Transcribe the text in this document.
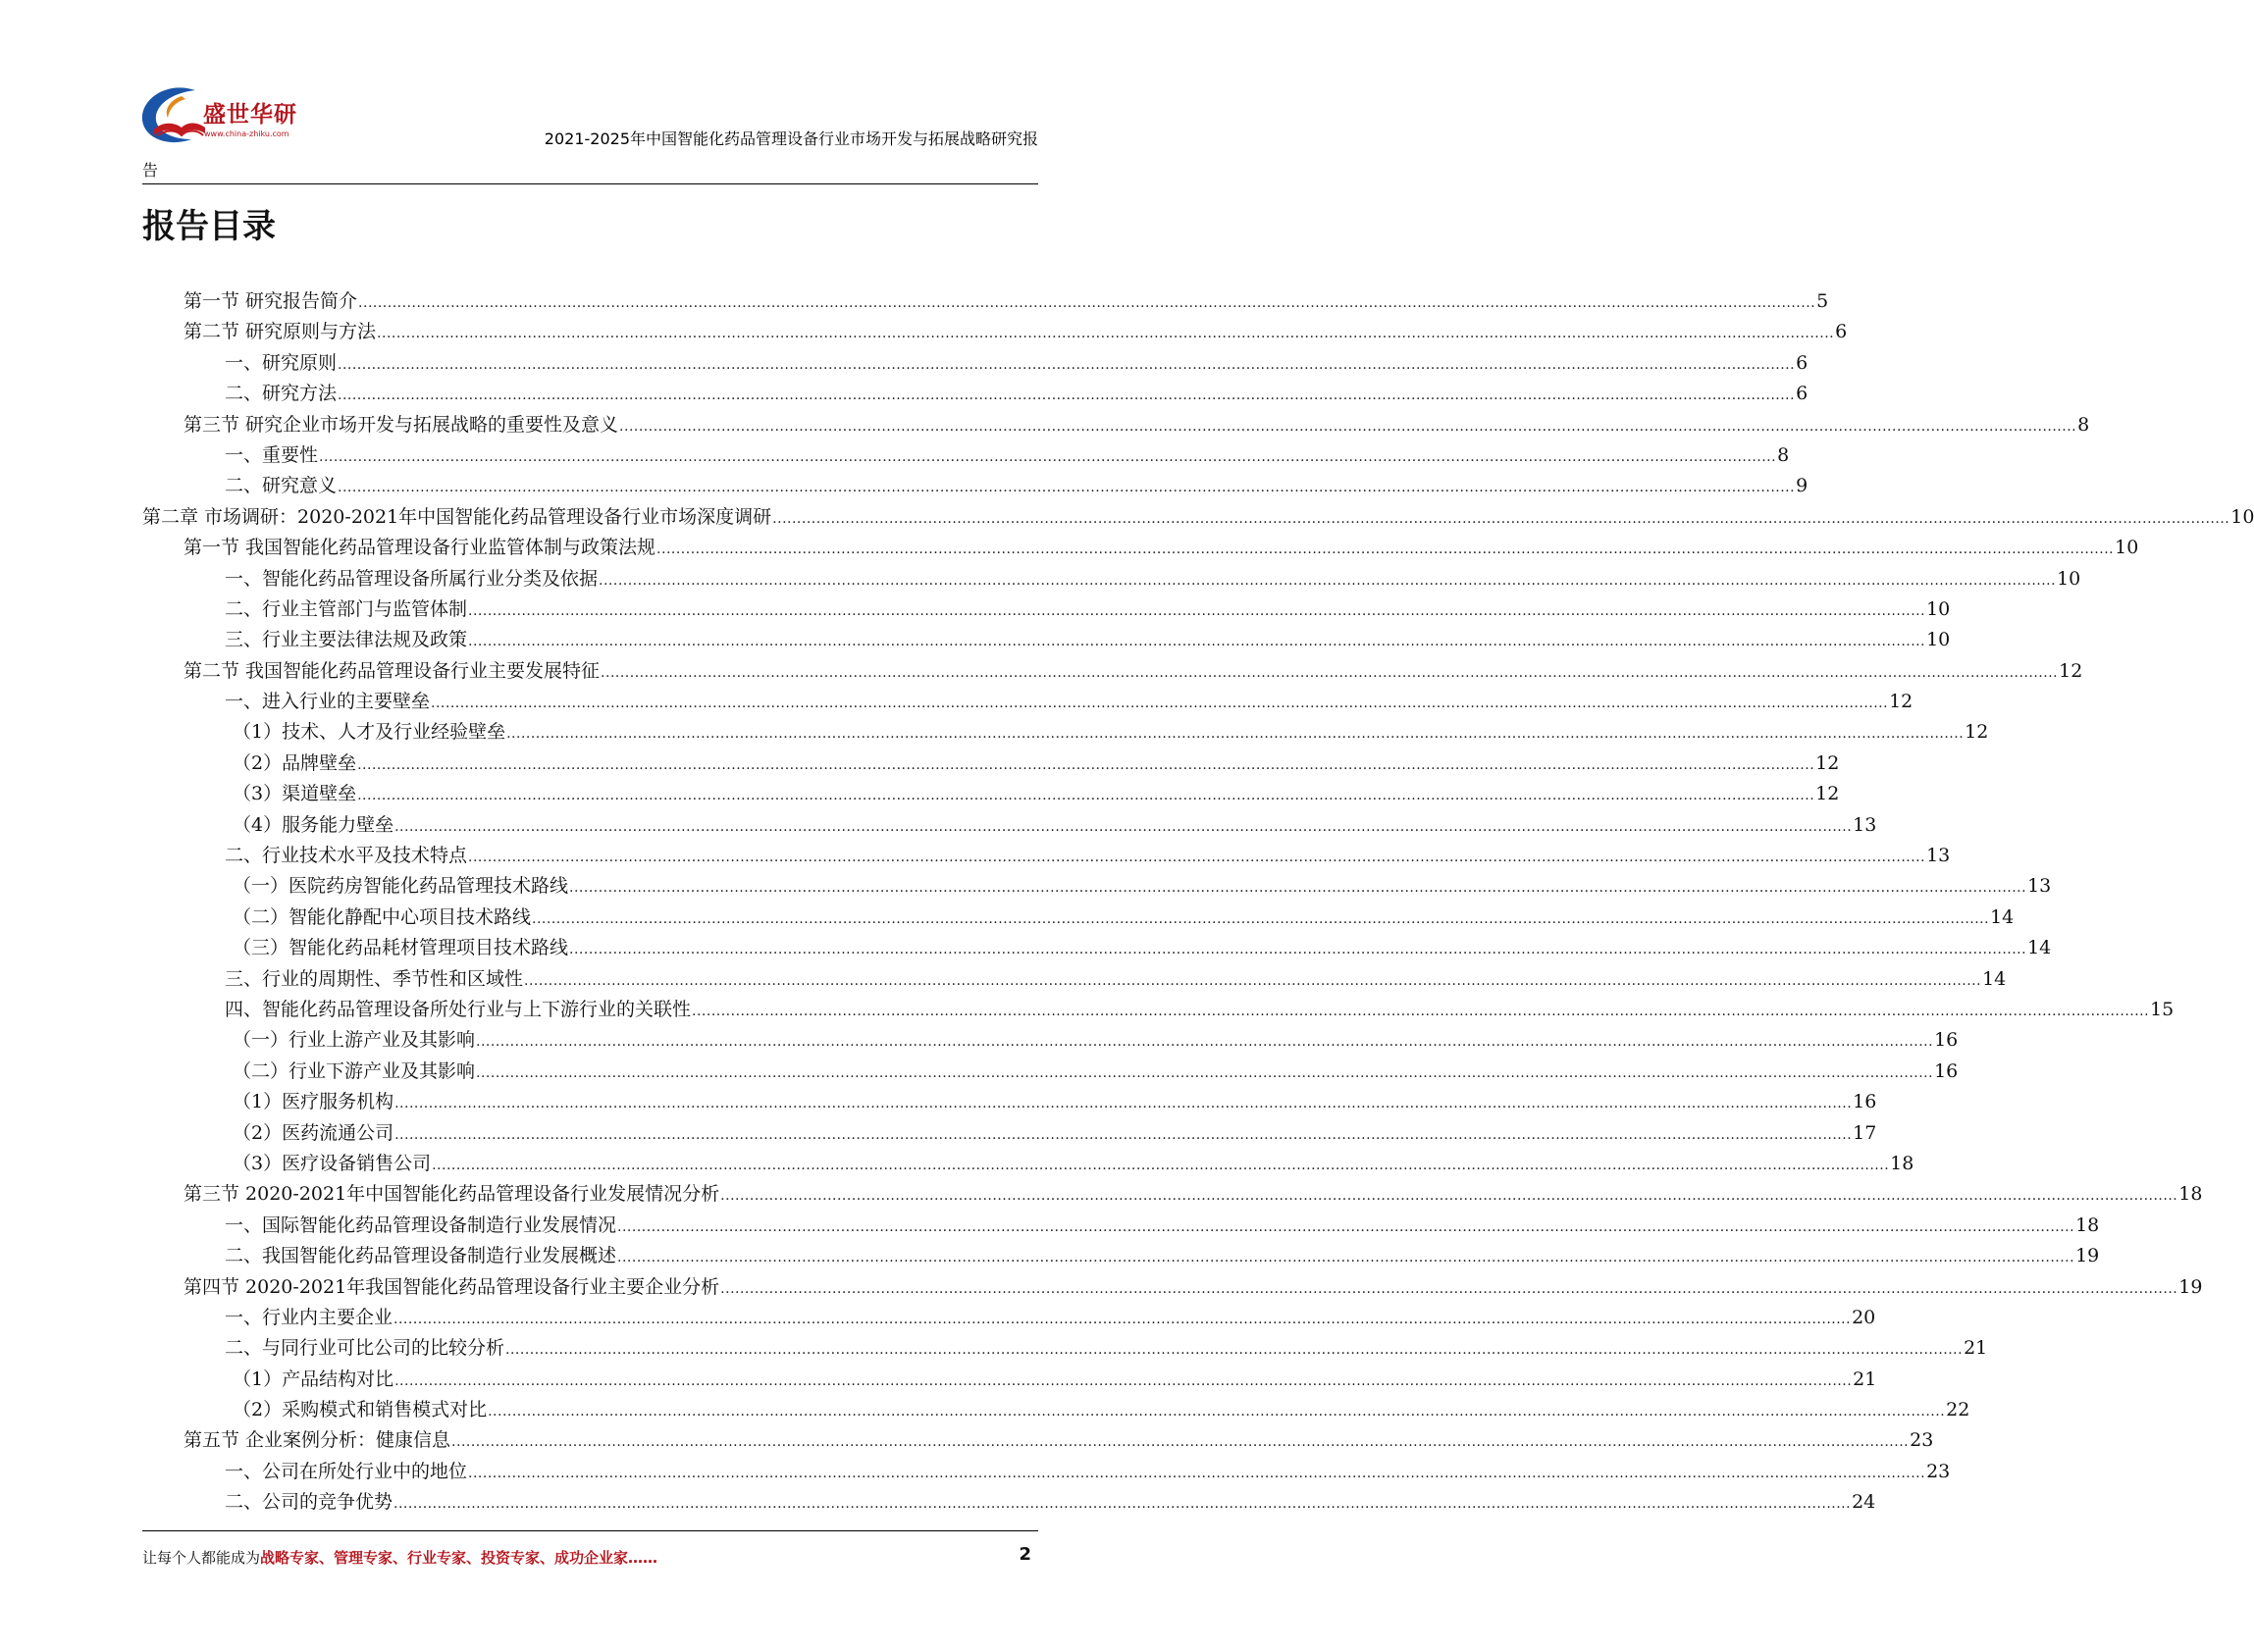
盛世华研
www.china-zhiku.com	2021-2025年中国智能化药品管理设备行业市场开发与拓展战略研究报
告
报告目录
第一节 研究报告简介 ............................................................................................................................................................................................................................................................................................................ 5
第二节 研究原则与方法 ............................................................................................................................................................................................................................................................................................................ 6
一、研究原则 ............................................................................................................................................................................................................................................................................................................ 6
二、研究方法 ............................................................................................................................................................................................................................................................................................................ 6
第三节 研究企业市场开发与拓展战略的重要性及意义 ............................................................................................................................................................................................................................................................................................................ 8
一、重要性 ............................................................................................................................................................................................................................................................................................................ 8
二、研究意义 ............................................................................................................................................................................................................................................................................................................ 9
第二章 市场调研：2020-2021年中国智能化药品管理设备行业市场深度调研 ............................................................................................................................................................................................................................................................................................................ 10
第一节 我国智能化药品管理设备行业监管体制与政策法规 ............................................................................................................................................................................................................................................................................................................ 10
一、智能化药品管理设备所属行业分类及依据 ............................................................................................................................................................................................................................................................................................................ 10
二、行业主管部门与监管体制 ............................................................................................................................................................................................................................................................................................................ 10
三、行业主要法律法规及政策 ............................................................................................................................................................................................................................................................................................................ 10
第二节 我国智能化药品管理设备行业主要发展特征 ............................................................................................................................................................................................................................................................................................................ 12
一、进入行业的主要壁垒 ............................................................................................................................................................................................................................................................................................................ 12
（1）技术、人才及行业经验壁垒 ............................................................................................................................................................................................................................................................................................................ 12
（2）品牌壁垒 ............................................................................................................................................................................................................................................................................................................ 12
（3）渠道壁垒 ............................................................................................................................................................................................................................................................................................................ 12
（4）服务能力壁垒 ............................................................................................................................................................................................................................................................................................................ 13
二、行业技术水平及技术特点 ............................................................................................................................................................................................................................................................................................................ 13
（一）医院药房智能化药品管理技术路线 ............................................................................................................................................................................................................................................................................................................ 13
（二）智能化静配中心项目技术路线 ............................................................................................................................................................................................................................................................................................................ 14
（三）智能化药品耗材管理项目技术路线 ............................................................................................................................................................................................................................................................................................................ 14
三、行业的周期性、季节性和区域性 ............................................................................................................................................................................................................................................................................................................ 14
四、智能化药品管理设备所处行业与上下游行业的关联性 ............................................................................................................................................................................................................................................................................................................ 15
（一）行业上游产业及其影响 ............................................................................................................................................................................................................................................................................................................ 16
（二）行业下游产业及其影响 ............................................................................................................................................................................................................................................................................................................ 16
（1）医疗服务机构 ............................................................................................................................................................................................................................................................................................................ 16
（2）医药流通公司 ............................................................................................................................................................................................................................................................................................................ 17
（3）医疗设备销售公司 ............................................................................................................................................................................................................................................................................................................ 18
第三节 2020-2021年中国智能化药品管理设备行业发展情况分析 ............................................................................................................................................................................................................................................................................................................ 18
一、国际智能化药品管理设备制造行业发展情况 ............................................................................................................................................................................................................................................................................................................ 18
二、我国智能化药品管理设备制造行业发展概述 ............................................................................................................................................................................................................................................................................................................ 19
第四节 2020-2021年我国智能化药品管理设备行业主要企业分析 ............................................................................................................................................................................................................................................................................................................ 19
一、行业内主要企业 ............................................................................................................................................................................................................................................................................................................ 20
二、与同行业可比公司的比较分析 ............................................................................................................................................................................................................................................................................................................ 21
（1）产品结构对比 ............................................................................................................................................................................................................................................................................................................ 21
（2）采购模式和销售模式对比 ............................................................................................................................................................................................................................................................................................................ 22
第五节 企业案例分析：健康信息 ............................................................................................................................................................................................................................................................................................................ 23
一、公司在所处行业中的地位 ............................................................................................................................................................................................................................................................................................................ 23
二、公司的竞争优势 ............................................................................................................................................................................................................................................................................................................ 24
让每个人都能成为战略专家、管理专家、行业专家、投资专家、成功企业家……	2
